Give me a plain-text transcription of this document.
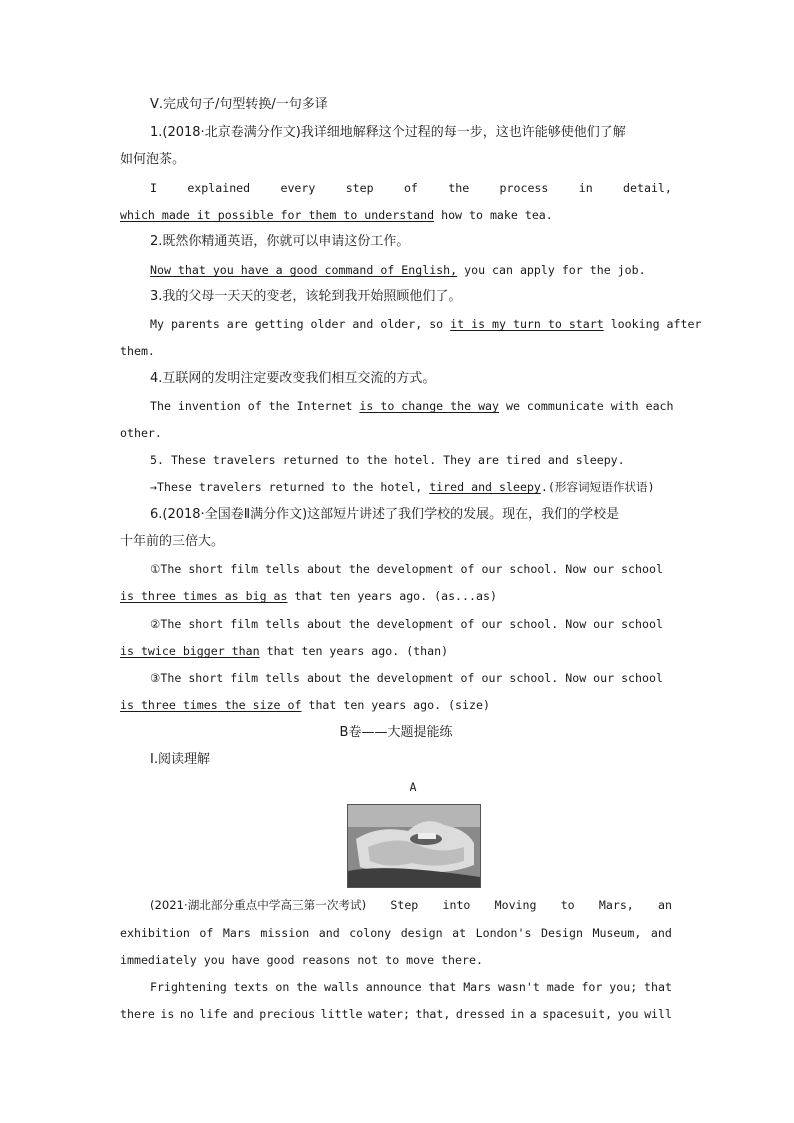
Ⅴ.完成句子/句型转换/一句多译
1.(2018·北京卷满分作文)我详细地解释这个过程的每一步，这也许能够使他们了解
如何泡茶。
I	explained	every	step	of	the	process	in	detail,
which made it possible for them to understand how to make tea.
2.既然你精通英语，你就可以申请这份工作。
Now that you have a good command of English, you can apply for the job.
3.我的父母一天天的变老，该轮到我开始照顾他们了。
My parents are getting older and older, so it is my turn to start looking after
them.
4.互联网的发明注定要改变我们相互交流的方式。
The invention of the Internet is to change the way we communicate with each
other.
5. These travelers returned to the hotel. They are tired and sleepy.
→These travelers returned to the hotel, tired and sleepy.(形容词短语作状语)
6.(2018·全国卷Ⅱ满分作文)这部短片讲述了我们学校的发展。现在，我们的学校是
十年前的三倍大。
①The short film tells about the development of our school. Now our school
is three times as big as that ten years ago. (as...as)
②The short film tells about the development of our school. Now our school
is twice bigger than that ten years ago. (than)
③The short film tells about the development of our school. Now our school
is three times the size of that ten years ago. (size)
B卷——大题提能练
Ⅰ.阅读理解
A
(2021·湖北部分重点中学高三第一次考试) Step into Moving to Mars, an
exhibition of Mars mission and colony design at London's Design Museum, and
immediately you have good reasons not to move there.
Frightening texts on the walls announce that Mars wasn't made for you; that
there is no life and precious little water; that, dressed in a spacesuit, you will
